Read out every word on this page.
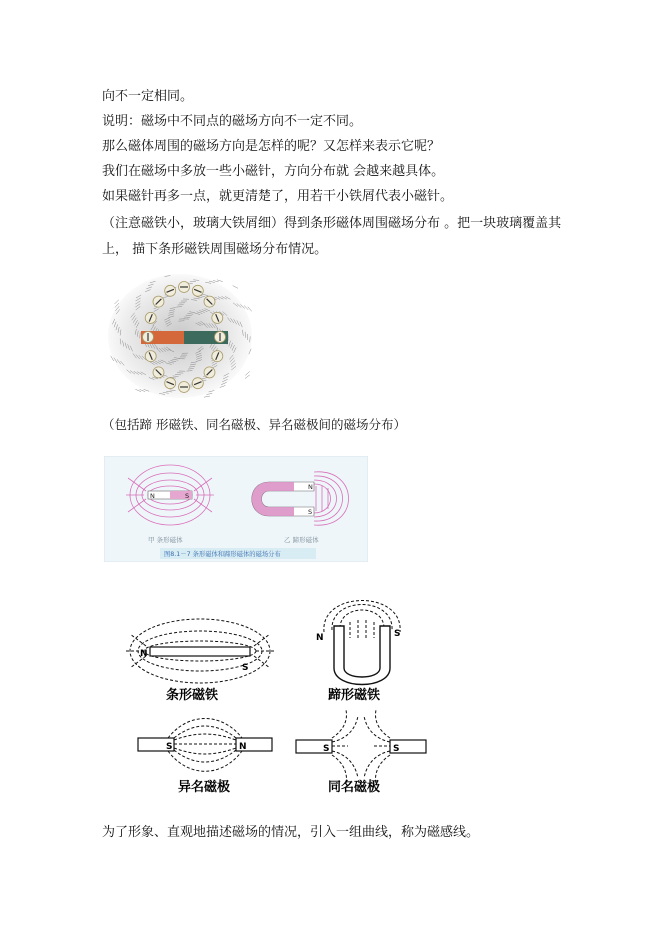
向不一定相同。
说明：磁场中不同点的磁场方向不一定不同。
那么磁体周围的磁场方向是怎样的呢？又怎样来表示它呢？
我们在磁场中多放一些小磁针，方向分布就 会越来越具体。
如果磁针再多一点，就更清楚了，用若干小铁屑代表小磁针。
（注意磁铁小，玻璃大铁屑细）得到条形磁体周围磁场分布 。把一块玻璃覆盖其
上， 描下条形磁铁周围磁场分布情况。
（包括蹄 形磁铁、同名磁极、异名磁极间的磁场分布）
N	S
N
S
甲 条形磁体	乙 蹄形磁体
图8.1－7 条形磁体和蹄形磁体的磁场分布
N
S
条形磁铁
N	S
蹄形磁铁
S	N
异名磁极
S	S
同名磁极
为了形象、直观地描述磁场的情况，引入一组曲线，称为磁感线。
